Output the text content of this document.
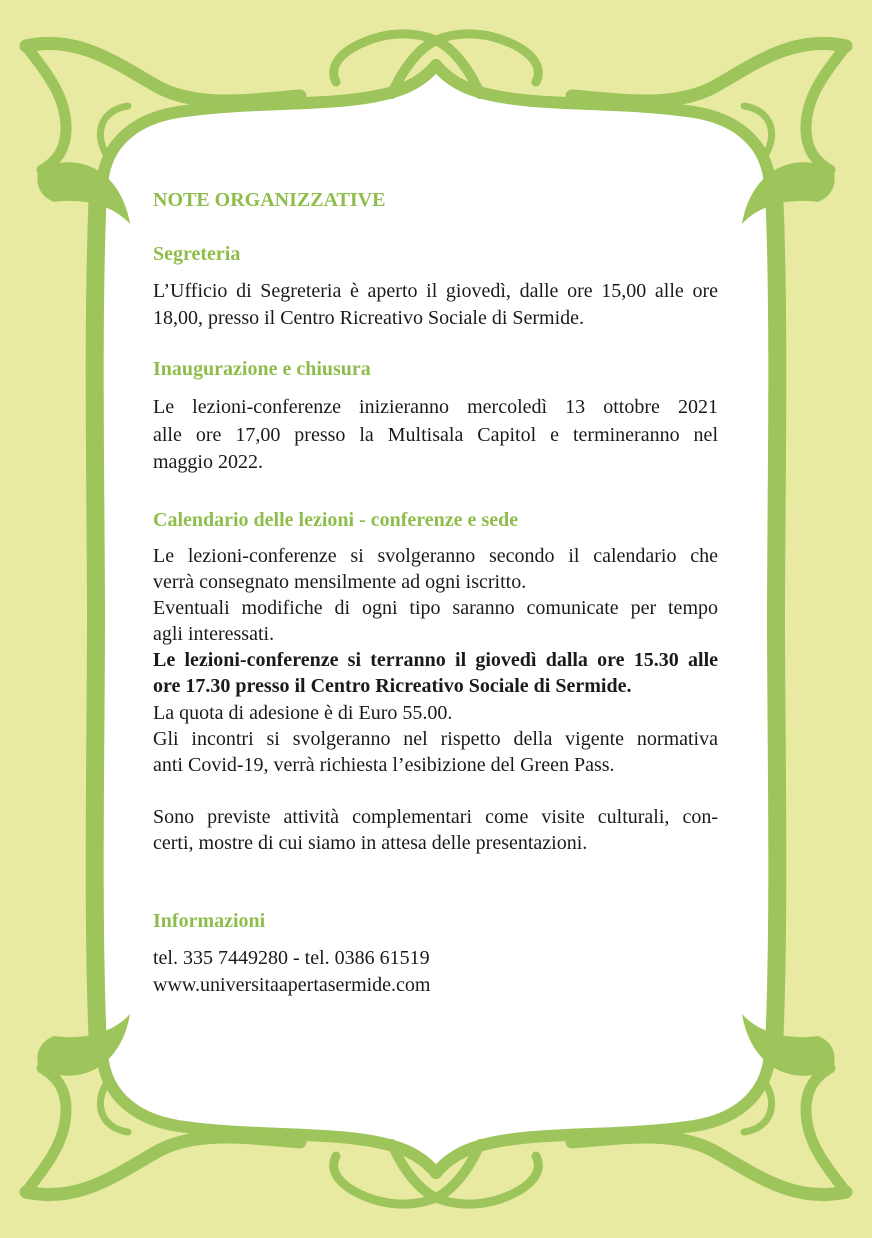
NOTE ORGANIZZATIVE
Segreteria
L’Ufficio di Segreteria è aperto il giovedì, dalle ore 15,00 alle ore
18,00, presso il Centro Ricreativo Sociale di Sermide.
Inaugurazione e chiusura
Le lezioni-conferenze inizieranno mercoledì 13 ottobre 2021
alle ore 17,00 presso la Multisala Capitol e termineranno nel
maggio 2022.
Calendario delle lezioni - conferenze e sede
Le lezioni-conferenze si svolgeranno secondo il calendario che
verrà consegnato mensilmente ad ogni iscritto.
Eventuali modifiche di ogni tipo saranno comunicate per tempo
agli interessati.
Le lezioni-conferenze si terranno il giovedì dalla ore 15.30 alle
ore 17.30 presso il Centro Ricreativo Sociale di Sermide.
La quota di adesione è di Euro 55.00.
Gli incontri si svolgeranno nel rispetto della vigente normativa
anti Covid-19, verrà richiesta l’esibizione del Green Pass.
Sono previste attività complementari come visite culturali, con-
certi, mostre di cui siamo in attesa delle presentazioni.
Informazioni
tel. 335 7449280 - tel. 0386 61519
www.universitaapertasermide.com
